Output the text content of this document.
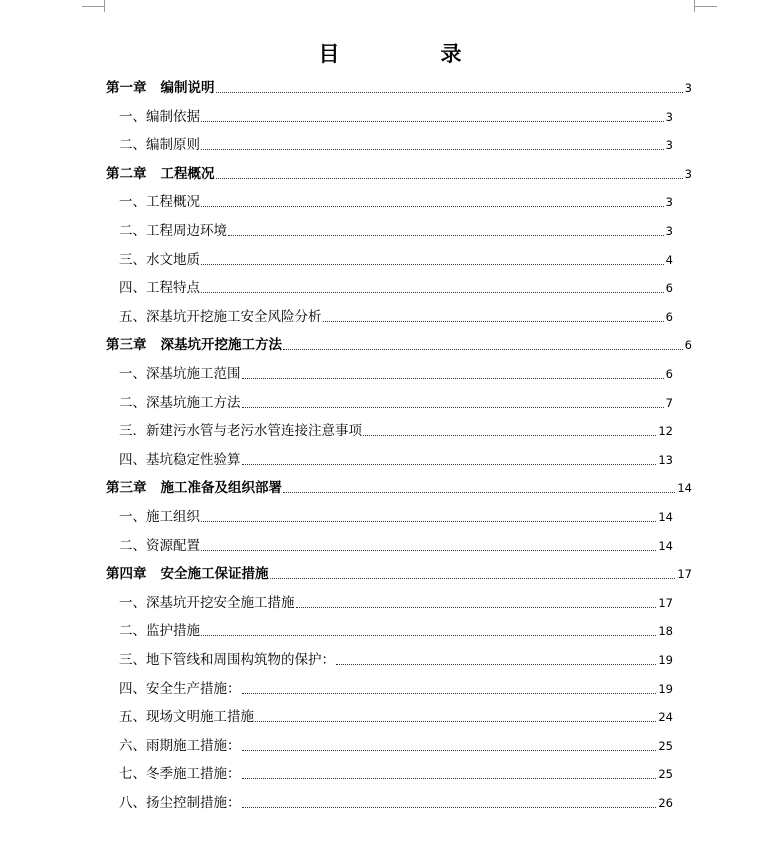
目　录
第一章 编制说明	3
一、编制依据	3
二、编制原则	3
第二章 工程概况	3
一、工程概况	3
二、工程周边环境	3
三、水文地质	4
四、工程特点	6
五、深基坑开挖施工安全风险分析	6
第三章 深基坑开挖施工方法	6
一、深基坑施工范围	6
二、深基坑施工方法	7
三．新建污水管与老污水管连接注意事项	12
四、基坑稳定性验算	13
第三章 施工准备及组织部署	14
一、施工组织	14
二、资源配置	14
第四章 安全施工保证措施	17
一、深基坑开挖安全施工措施	17
二、监护措施	18
三、地下管线和周围构筑物的保护：	19
四、安全生产措施：	19
五、现场文明施工措施	24
六、雨期施工措施：	25
七、冬季施工措施：	25
八、扬尘控制措施：	26
